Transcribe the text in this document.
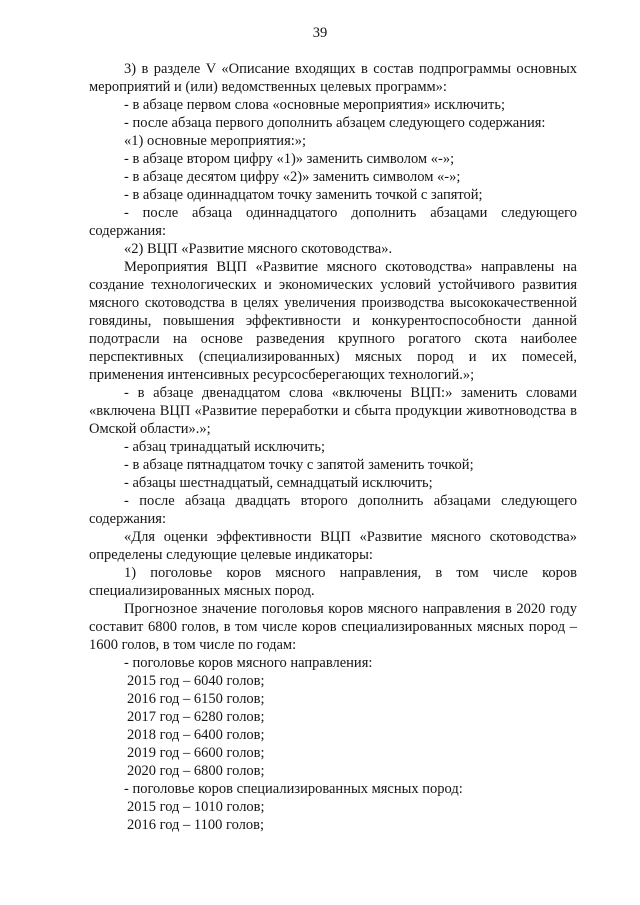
39

3) в разделе V «Описание входящих в состав подпрограммы основных мероприятий и (или) ведомственных целевых программ»:

- в абзаце первом слова «основные мероприятия» исключить;

- после абзаца первого дополнить абзацем следующего содержания:

«1) основные мероприятия:»;

- в абзаце втором цифру «1)» заменить символом «-»;

- в абзаце десятом цифру «2)» заменить символом «-»;

- в абзаце одиннадцатом точку заменить точкой с запятой;

- после абзаца одиннадцатого дополнить абзацами следующего содержания:

«2) ВЦП «Развитие мясного скотоводства».

Мероприятия ВЦП «Развитие мясного скотоводства» направлены на создание технологических и экономических условий устойчивого развития мясного скотоводства в целях увеличения производства высококачественной говядины, повышения эффективности и конкурентоспособности данной подотрасли на основе разведения крупного рогатого скота наиболее перспективных (специализированных) мясных пород и их помесей, применения интенсивных ресурсосберегающих технологий.»;

- в абзаце двенадцатом слова «включены ВЦП:» заменить словами «включена ВЦП «Развитие переработки и сбыта продукции животноводства в Омской области».»;

- абзац тринадцатый исключить;

- в абзаце пятнадцатом точку с запятой заменить точкой;

- абзацы шестнадцатый, семнадцатый исключить;

- после абзаца двадцать второго дополнить абзацами следующего содержания:

«Для оценки эффективности ВЦП «Развитие мясного скотоводства» определены следующие целевые индикаторы:

1) поголовье коров мясного направления, в том числе коров специализированных мясных пород.

Прогнозное значение поголовья коров мясного направления в 2020 году составит 6800 голов, в том числе коров специализированных мясных пород – 1600 голов, в том числе по годам:

- поголовье коров мясного направления:

2015 год – 6040 голов;

2016 год – 6150 голов;

2017 год – 6280 голов;

2018 год – 6400 голов;

2019 год – 6600 голов;

2020 год – 6800 голов;

- поголовье коров специализированных мясных пород:

2015 год – 1010 голов;

2016 год – 1100 голов;
